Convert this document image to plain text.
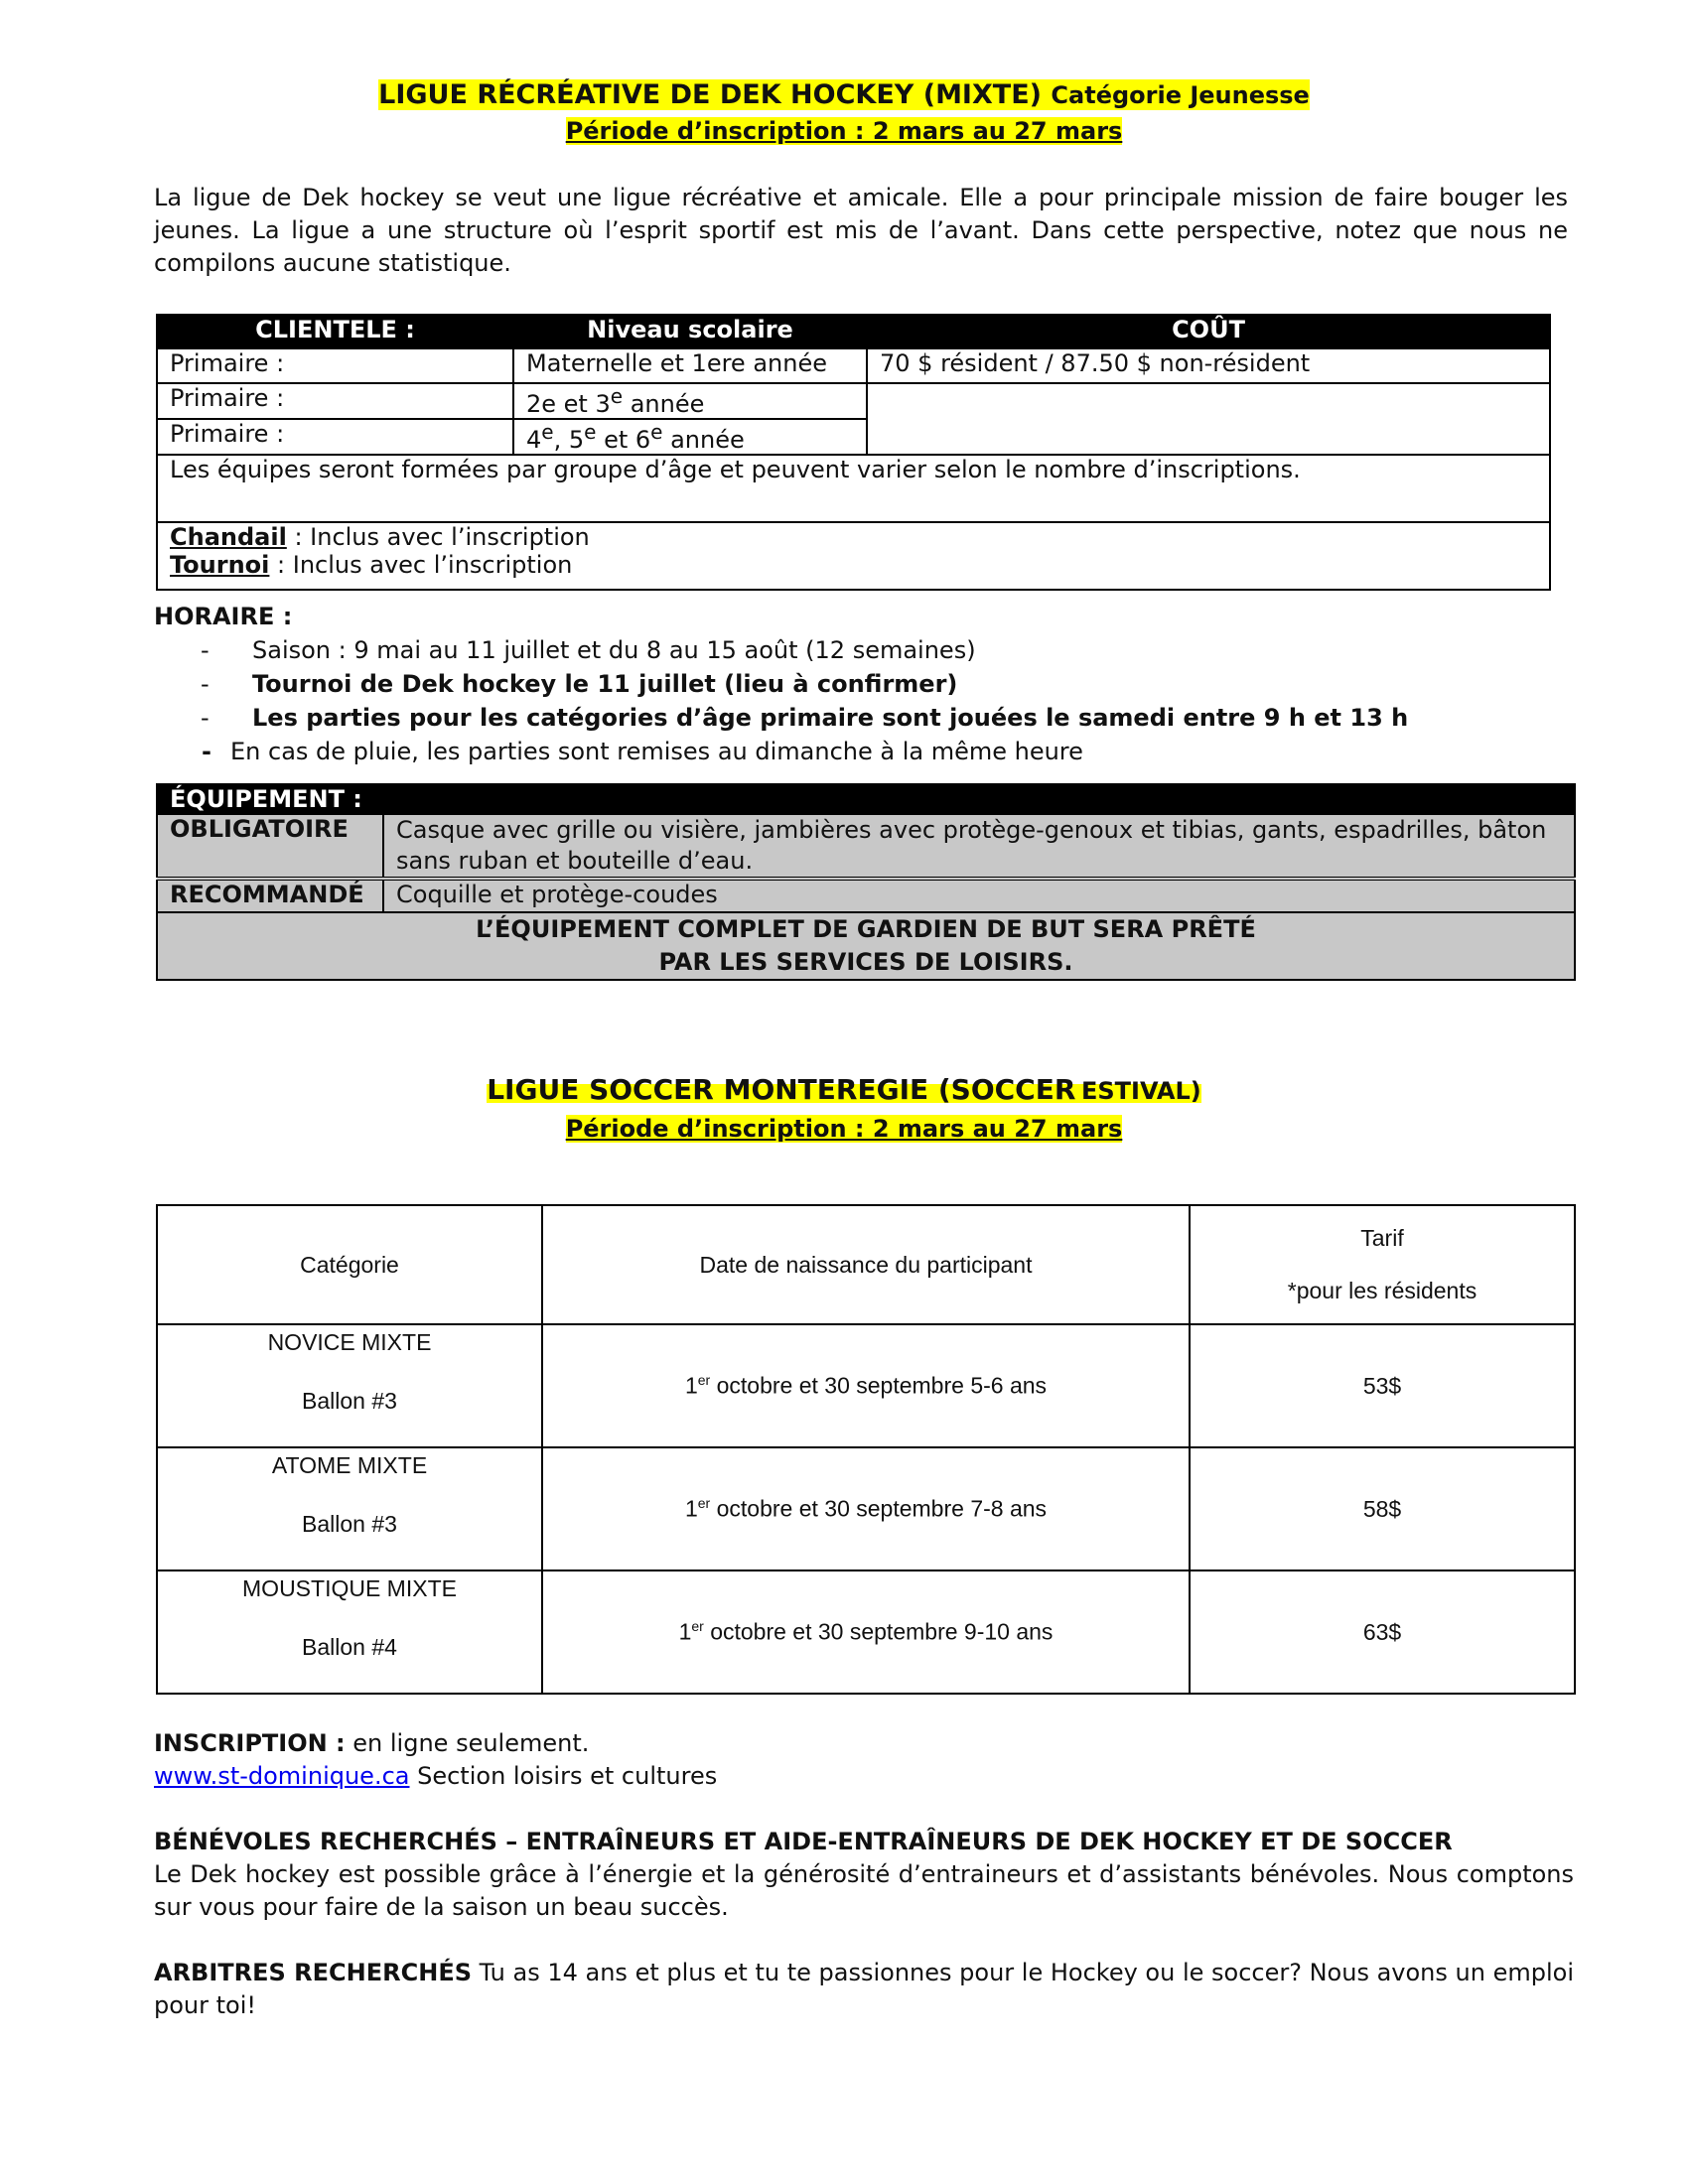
LIGUE RÉCRÉATIVE DE DEK HOCKEY (MIXTE) Catégorie Jeunesse
Période d’inscription : 2 mars au 27 mars
La ligue de Dek hockey se veut une ligue récréative et amicale. Elle a pour principale mission de faire bouger les jeunes. La ligue a une structure où l’esprit sportif est mis de l’avant. Dans cette perspective, notez que nous ne compilons aucune statistique.
CLIENTELE :	Niveau scolaire	COÛT
Primaire :	Maternelle et 1ere année	70 $ résident / 87.50 $ non-résident
Primaire :	2e et 3e année	
Primaire :	4e, 5e et 6e année	
Les équipes seront formées par groupe d’âge et peuvent varier selon le nombre d’inscriptions.		

Chandail : Inclus avec l’inscription
Tournoi : Inclus avec l’inscription		
HORAIRE :
- Saison : 9 mai au 11 juillet et du 8 au 15 août (12 semaines)
- Tournoi de Dek hockey le 11 juillet (lieu à confirmer)
- Les parties pour les catégories d’âge primaire sont jouées le samedi entre 9 h et 13 h
- En cas de pluie, les parties sont remises au dimanche à la même heure
ÉQUIPEMENT :	
OBLIGATOIRE	Casque avec grille ou visière, jambières avec protège-genoux et tibias, gants, espadrilles, bâton sans ruban et bouteille d’eau.
RECOMMANDÉ	Coquille et protège-coudes

L’ÉQUIPEMENT COMPLET DE GARDIEN DE BUT SERA PRÊTÉ
PAR LES SERVICES DE LOISIRS.	
LIGUE SOCCER MONTEREGIE (SOCCER ESTIVAL)
Période d’inscription : 2 mars au 27 mars
Catégorie	Date de naissance du participant	Tarif
*pour les résidents

NOVICE MIXTE
Ballon #3	1er octobre et 30 septembre 5-6 ans	53$

ATOME MIXTE
Ballon #3	1er octobre et 30 septembre 7-8 ans	58$

MOUSTIQUE MIXTE
Ballon #4	1er octobre et 30 septembre 9-10 ans	63$
INSCRIPTION : en ligne seulement.
www.st-dominique.ca Section loisirs et cultures
BÉNÉVOLES RECHERCHÉS – ENTRAÎNEURS ET AIDE-ENTRAÎNEURS DE DEK HOCKEY ET DE SOCCER
Le Dek hockey est possible grâce à l’énergie et la générosité d’entraineurs et d’assistants bénévoles. Nous comptons sur vous pour faire de la saison un beau succès.
ARBITRES RECHERCHÉS Tu as 14 ans et plus et tu te passionnes pour le Hockey ou le soccer? Nous avons un emploi pour toi!
